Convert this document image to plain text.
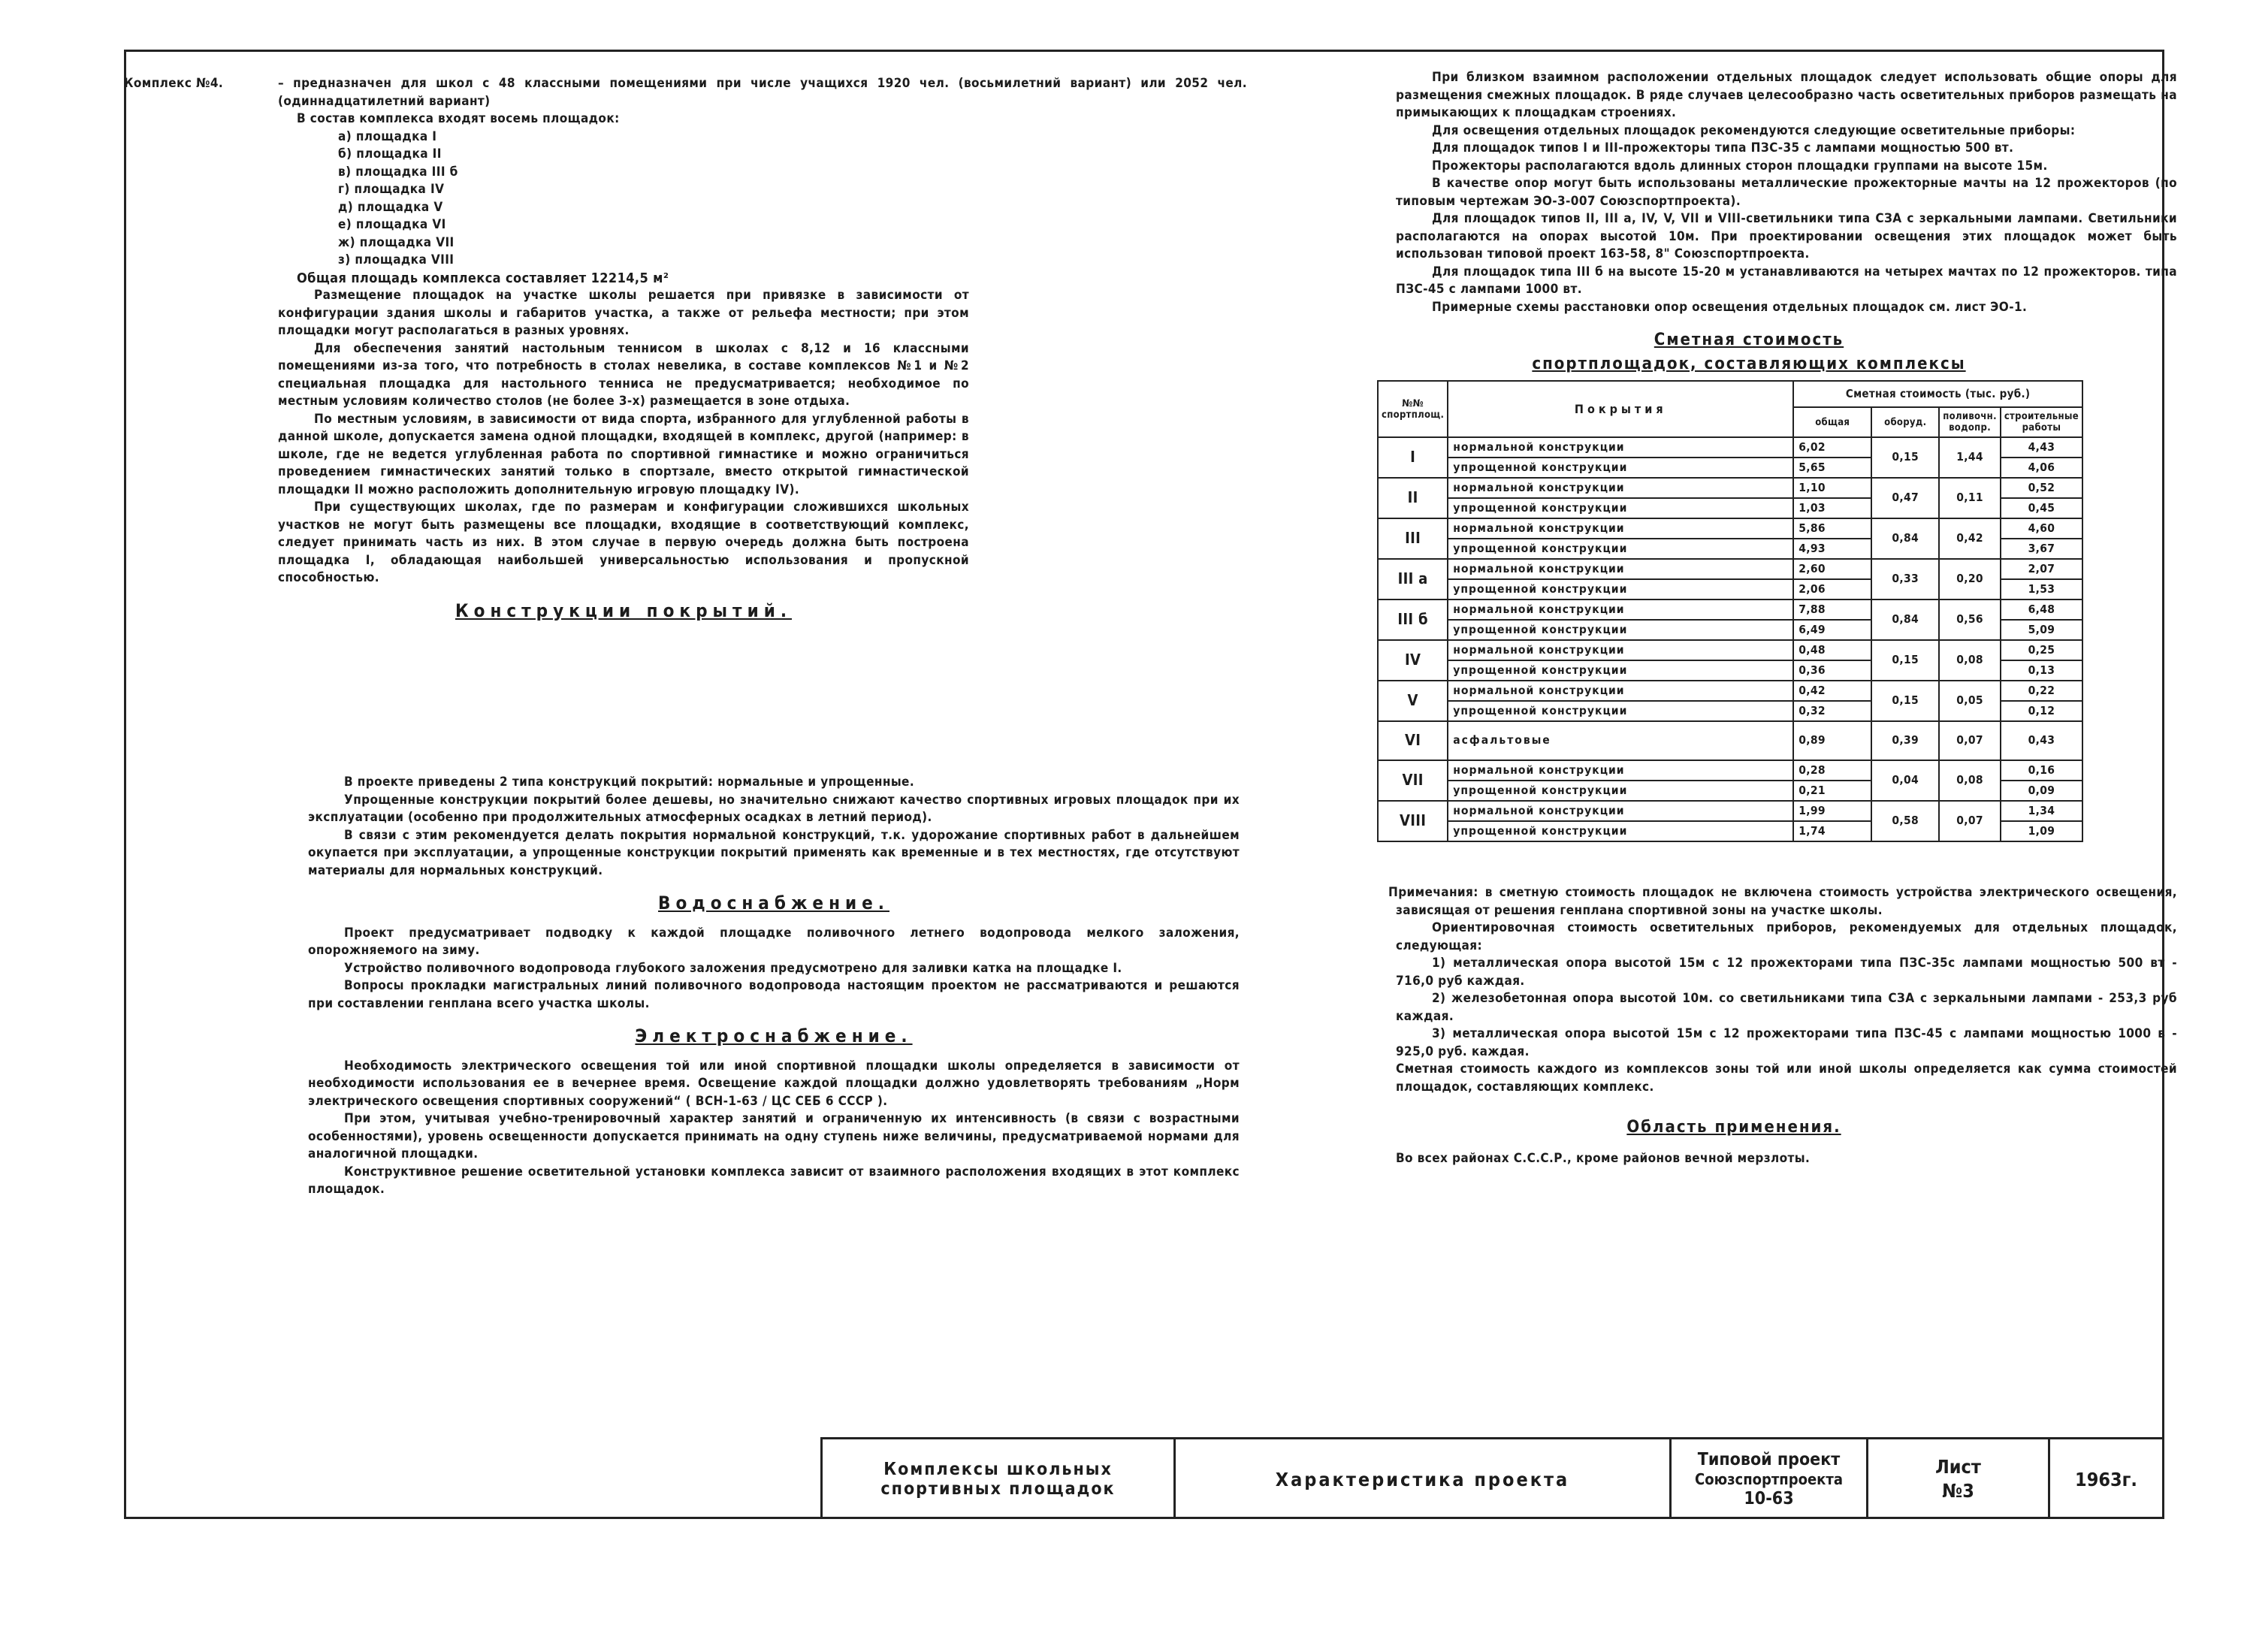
Комплекс №4.	– предназначен для школ с 48 классными помещениями при числе учащихся 1920 чел. (восьмилетний вариант) или 2052 чел. (одиннадцатилетний вариант)

В состав комплекса входят восемь площадок:

а) площадка I
б) площадка II
в) площадка III б
г) площадка IV
д) площадка V
е) площадка VI
ж) площадка VII
з) площадка VIII

Общая площадь комплекса составляет 12214,5 м²

Размещение площадок на участке школы решается при привязке в зависимости от конфигурации здания школы и габаритов участка, а также от рельефа местности; при этом площадки могут располагаться в разных уровнях.

Для обеспечения занятий настольным теннисом в школах с 8,12 и 16 классными помещениями из-за того, что потребность в столах невелика, в составе комплексов №1 и №2 специальная площадка для настольного тенниса не предусматривается; необходимое по местным условиям количество столов (не более 3-х) размещается в зоне отдыха.

По местным условиям, в зависимости от вида спорта, избранного для углубленной работы в данной школе, допускается замена одной площадки, входящей в комплекс, другой (например: в школе, где не ведется углубленная работа по спортивной гимнастике и можно ограничиться проведением гимнастических занятий только в спортзале, вместо открытой гимнастической площадки II можно расположить дополнительную игровую площадку IV).

При существующих школах, где по размерам и конфигурации сложившихся школьных участков не могут быть размещены все площадки, входящие в соответствующий комплекс, следует принимать часть из них. В этом случае в первую очередь должна быть построена площадка I, обладающая наибольшей универсальностью использования и пропускной способностью.

Конструкции покрытий.

В проекте приведены 2 типа конструкций покрытий: нормальные и упрощенные.

Упрощенные конструкции покрытий более дешевы, но значительно снижают качество спортивных игровых площадок при их эксплуатации (особенно при продолжительных атмосферных осадках в летний период).

В связи с этим рекомендуется делать покрытия нормальной конструкций, т.к. удорожание спортивных работ в дальнейшем окупается при эксплуатации, а упрощенные конструкции покрытий применять как временные и в тех местностях, где отсутствуют материалы для нормальных конструкций.

Водоснабжение.

Проект предусматривает подводку к каждой площадке поливочного летнего водопровода мелкого заложения, опорожняемого на зиму.

Устройство поливочного водопровода глубокого заложения предусмотрено для заливки катка на площадке I.

Вопросы прокладки магистральных линий поливочного водопровода настоящим проектом не рассматриваются и решаются при составлении генплана всего участка школы.

Электроснабжение.

Необходимость электрического освещения той или иной спортивной площадки школы определяется в зависимости от необходимости использования ее в вечернее время. Освещение каждой площадки должно удовлетворять требованиям „Норм электрического освещения спортивных сооружений“ ( ВСН-1-63 / ЦС СЕБ 6 СССР ).

При этом, учитывая учебно-тренировочный характер занятий и ограниченную их интенсивность (в связи с возрастными особенностями), уровень освещенности допускается принимать на одну ступень ниже величины, предусматриваемой нормами для аналогичной площадки.

Конструктивное решение осветительной установки комплекса зависит от взаимного расположения входящих в этот комплекс площадок.

При близком взаимном расположении отдельных площадок следует использовать общие опоры для размещения смежных площадок. В ряде случаев целесообразно часть осветительных приборов размещать на примыкающих к площадкам строениях.

Для освещения отдельных площадок рекомендуются следующие осветительные приборы:

Для площадок типов I и III-прожекторы типа ПЗС-35 с лампами мощностью 500 вт.

Прожекторы располагаются вдоль длинных сторон площадки группами на высоте 15м.

В качестве опор могут быть использованы металлические прожекторные мачты на 12 прожекторов (по типовым чертежам ЭО-3-007 Союзспортпроекта).

Для площадок типов II, III а, IV, V, VII и VIII-светильники типа СЗА с зеркальными лампами. Светильники располагаются на опорах высотой 10м. При проектировании освещения этих площадок может быть использован типовой проект 163-58, 8" Союзспортпроекта.

Для площадок типа III б на высоте 15-20 м устанавливаются на четырех мачтах по 12 прожекторов. типа ПЗС-45 с лампами 1000 вт.

Примерные схемы расстановки опор освещения отдельных площадок см. лист ЭО-1.

Сметная стоимость
спортплощадок, составляющих комплексы
№№ спортплощ.	Покрытия	Сметная стоимость (тыс. руб.)			
		общая	оборуд.	поливочн. водопр.	строительные работы
I	нормальной конструкции	6,02	0,15	1,44	4,43
	упрощенной конструкции	5,65			4,06
II	нормальной конструкции	1,10	0,47	0,11	0,52
	упрощенной конструкции	1,03			0,45
III	нормальной конструкции	5,86	0,84	0,42	4,60
	упрощенной конструкции	4,93			3,67
III а	нормальной конструкции	2,60	0,33	0,20	2,07
	упрощенной конструкции	2,06			1,53
III б	нормальной конструкции	7,88	0,84	0,56	6,48
	упрощенной конструкции	6,49			5,09
IV	нормальной конструкции	0,48	0,15	0,08	0,25
	упрощенной конструкции	0,36			0,13
V	нормальной конструкции	0,42	0,15	0,05	0,22
	упрощенной конструкции	0,32			0,12
VI	асфальтовые	0,89	0,39	0,07	0,43
VII	нормальной конструкции	0,28	0,04	0,08	0,16
	упрощенной конструкции	0,21			0,09
VIII	нормальной конструкции	1,99	0,58	0,07	1,34
	упрощенной конструкции	1,74			1,09

Примечания: в сметную стоимость площадок не включена стоимость устройства электрического освещения, зависящая от решения генплана спортивной зоны на участке школы.

Ориентировочная стоимость осветительных приборов, рекомендуемых для отдельных площадок, следующая:

1) металлическая опора высотой 15м с 12 прожекторами типа ПЗС-35с лампами мощностью 500 вт - 716,0 руб каждая.

2) железобетонная опора высотой 10м. со светильниками типа СЗА с зеркальными лампами - 253,3 руб каждая.

3) металлическая опора высотой 15м с 12 прожекторами типа ПЗС-45 с лампами мощностью 1000 в - 925,0 руб. каждая.

Сметная стоимость каждого из комплексов зоны той или иной школы определяется как сумма стоимостей площадок, составляющих комплекс.

Область применения.

Во всех районах С.С.С.Р., кроме районов вечной мерзлоты.

Комплексы школьных спортивных площадок	Характеристика проекта
Типовой проект
Союзспортпроекта
10-63
Лист
№3
1963г.
